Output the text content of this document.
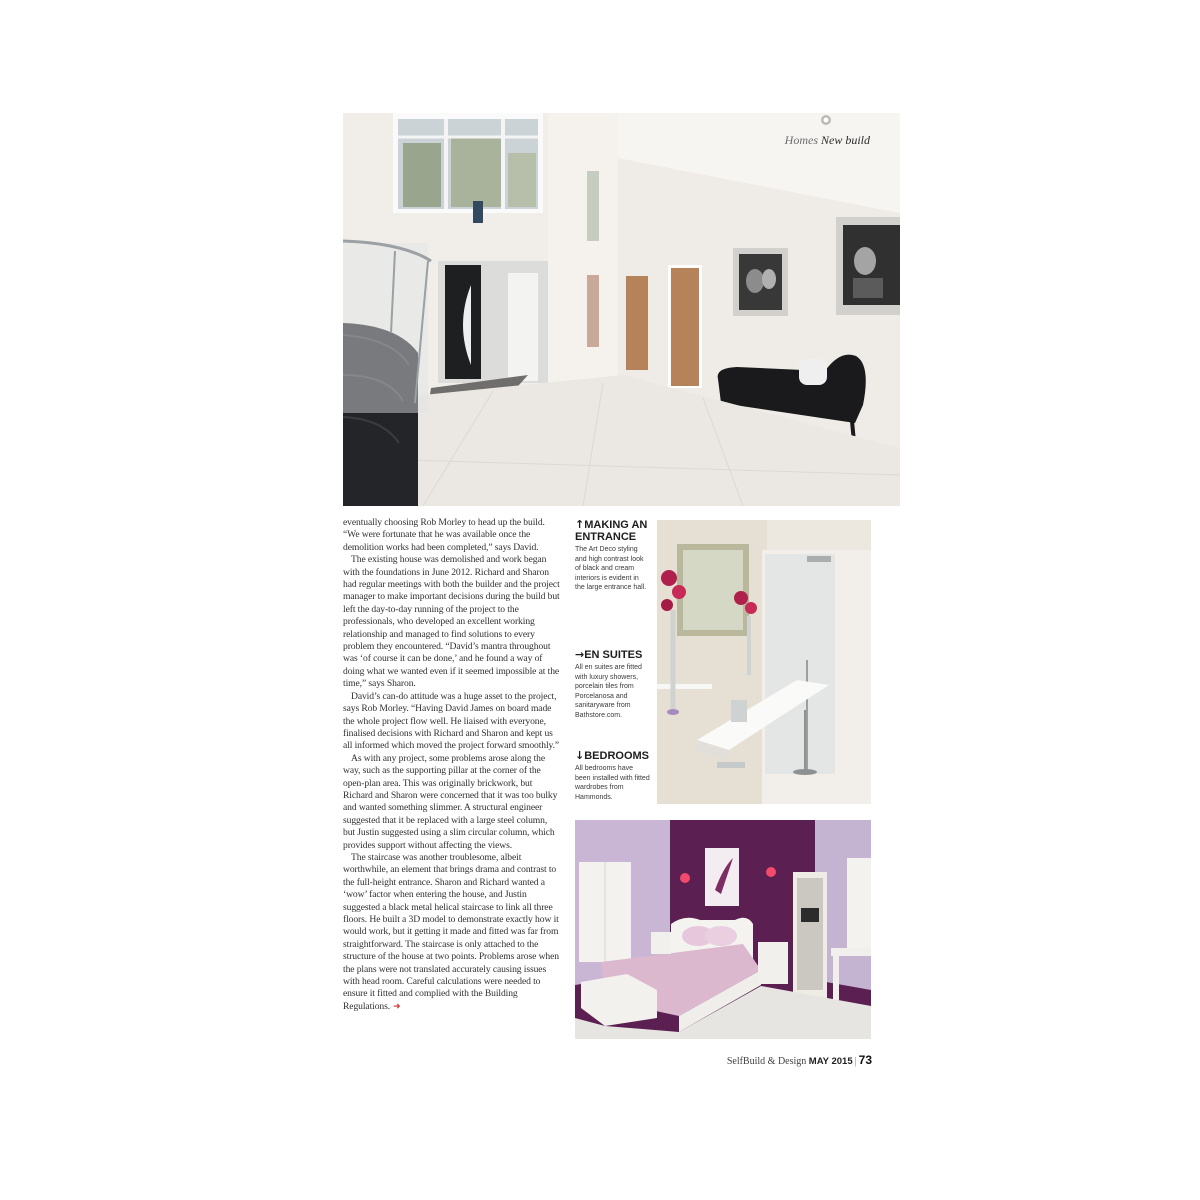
Homes New build

eventually choosing Rob Morley to head up the build. “We were fortunate that he was available once the demolition works had been completed,” says David.

The existing house was demolished and work began with the foundations in June 2012. Richard and Sharon had regular meetings with both the builder and the project manager to make important decisions during the build but left the day-to-day running of the project to the professionals, who developed an excellent working relationship and managed to find solutions to every problem they encountered. “David’s mantra throughout was ‘of course it can be done,’ and he found a way of doing what we wanted even if it seemed impossible at the time,” says Sharon.

David’s can-do attitude was a huge asset to the project, says Rob Morley. “Having David James on board made the whole project flow well. He liaised with everyone, finalised decisions with Richard and Sharon and kept us all informed which moved the project forward smoothly.”

As with any project, some problems arose along the way, such as the supporting pillar at the corner of the open-plan area. This was originally brickwork, but Richard and Sharon were concerned that it was too bulky and wanted something slimmer. A structural engineer suggested that it be replaced with a large steel column, but Justin suggested using a slim circular column, which provides support without affecting the views.

The staircase was another troublesome, albeit worthwhile, an element that brings drama and contrast to the full-height entrance. Sharon and Richard wanted a ‘wow’ factor when entering the house, and Justin suggested a black metal helical staircase to link all three floors. He built a 3D model to demonstrate exactly how it would work, but it getting it made and fitted was far from straightforward. The staircase is only attached to the structure of the house at two points. Problems arose when the plans were not translated accurately causing issues with head room. Careful calculations were needed to ensure it fitted and complied with the Building Regulations. ➜

↑MAKING AN ENTRANCE
The Art Deco styling and high contrast look of black and cream interiors is evident in the large entrance hall.
→EN SUITES
All en suites are fitted with luxury showers, porcelain tiles from Porcelanosa and sanitaryware from Bathstore.com.
↓BEDROOMS
All bedrooms have been installed with fitted wardrobes from Hammonds.
SelfBuild & Design MAY 2015 | 73
